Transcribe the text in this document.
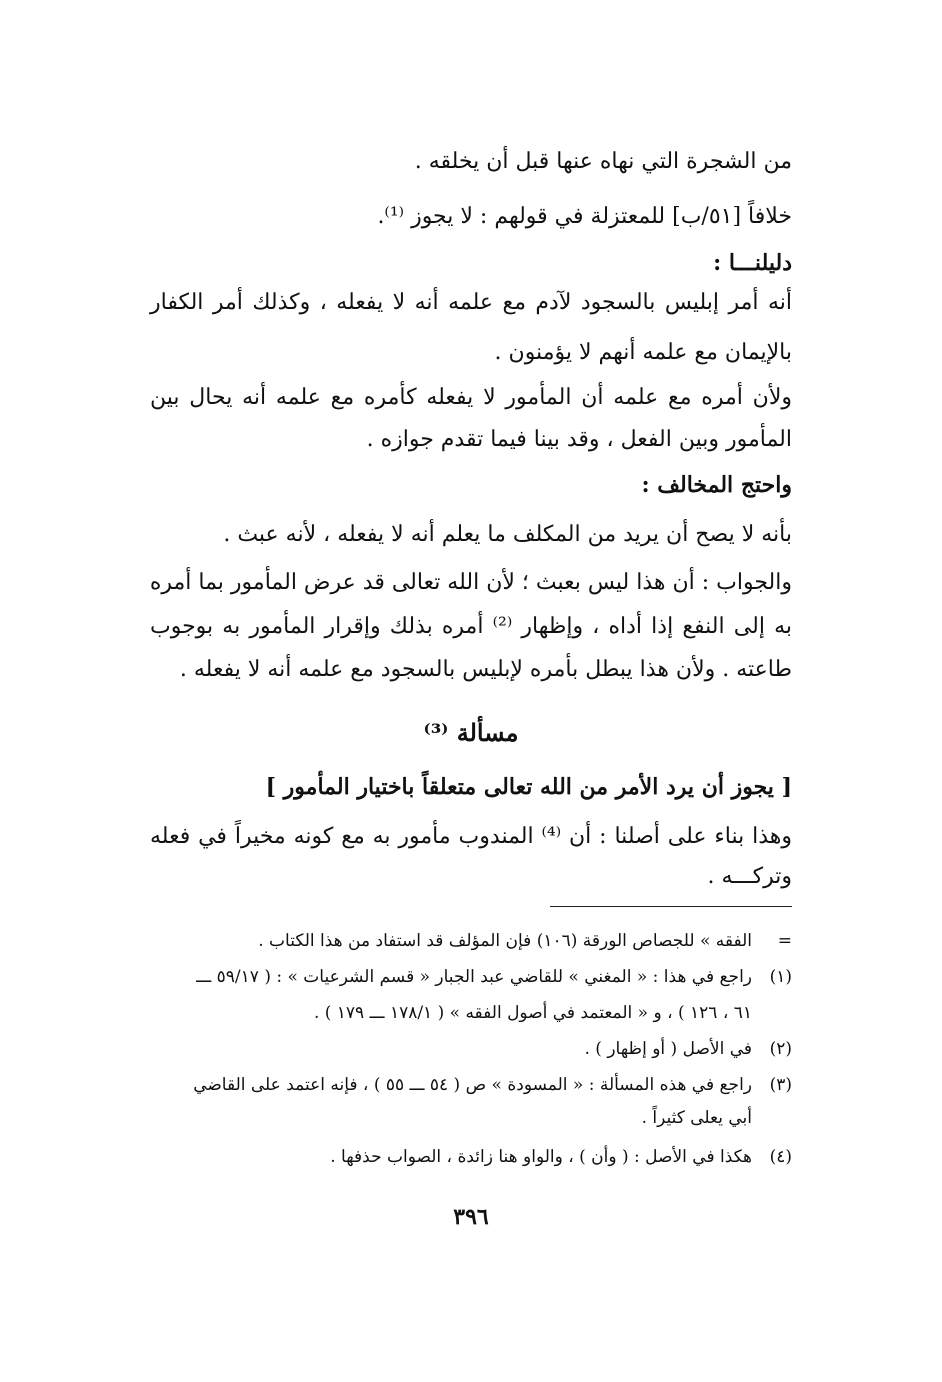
من الشجرة التي نهاه عنها قبل أن يخلقه .
خلافاً [٥١/ب] للمعتزلة في قولهم : لا يجوز ⁽¹⁾.
دليلنـــا :
أنه أمر إبليس بالسجود لآدم مع علمه أنه لا يفعله ، وكذلك أمر الكفار
بالإيمان مع علمه أنهم لا يؤمنون .
ولأن أمره مع علمه أن المأمور لا يفعله كأمره مع علمه أنه يحال بين
المأمور وبين الفعل ، وقد بينا فيما تقدم جوازه .
واحتج المخالف :
بأنه لا يصح أن يريد من المكلف ما يعلم أنه لا يفعله ، لأنه عبث .
والجواب : أن هذا ليس بعبث ؛ لأن الله تعالى قد عرض المأمور بما أمره
به إلى النفع إذا أداه ، وإظهار ⁽²⁾ أمره بذلك وإقرار المأمور به بوجوب
طاعته . ولأن هذا يبطل بأمره لإبليس بالسجود مع علمه أنه لا يفعله .
مسألة ⁽³⁾
[ يجوز أن يرد الأمر من الله تعالى متعلقاً باختيار المأمور ]
وهذا بناء على أصلنا : أن ⁽⁴⁾ المندوب مأمور به مع كونه مخيراً في فعله
وتركـــه .
=
الفقه » للجصاص الورقة (١٠٦) فإن المؤلف قد استفاد من هذا الكتاب .
(١)
راجع في هذا : « المغني » للقاضي عبد الجبار « قسم الشرعيات » : ( ٥٩/١٧ ـــ
٦١ ، ١٢٦ ) ، و « المعتمد في أصول الفقه » ( ١٧٨/١ ـــ ١٧٩ ) .
(٢)
في الأصل ( أو إظهار ) .
(٣)
راجع في هذه المسألة : « المسودة » ص ( ٥٤ ـــ ٥٥ ) ، فإنه اعتمد على القاضي
أبي يعلى كثيراً .
(٤)
هكذا في الأصل : ( وأن ) ، والواو هنا زائدة ، الصواب حذفها .
٣٩٦
